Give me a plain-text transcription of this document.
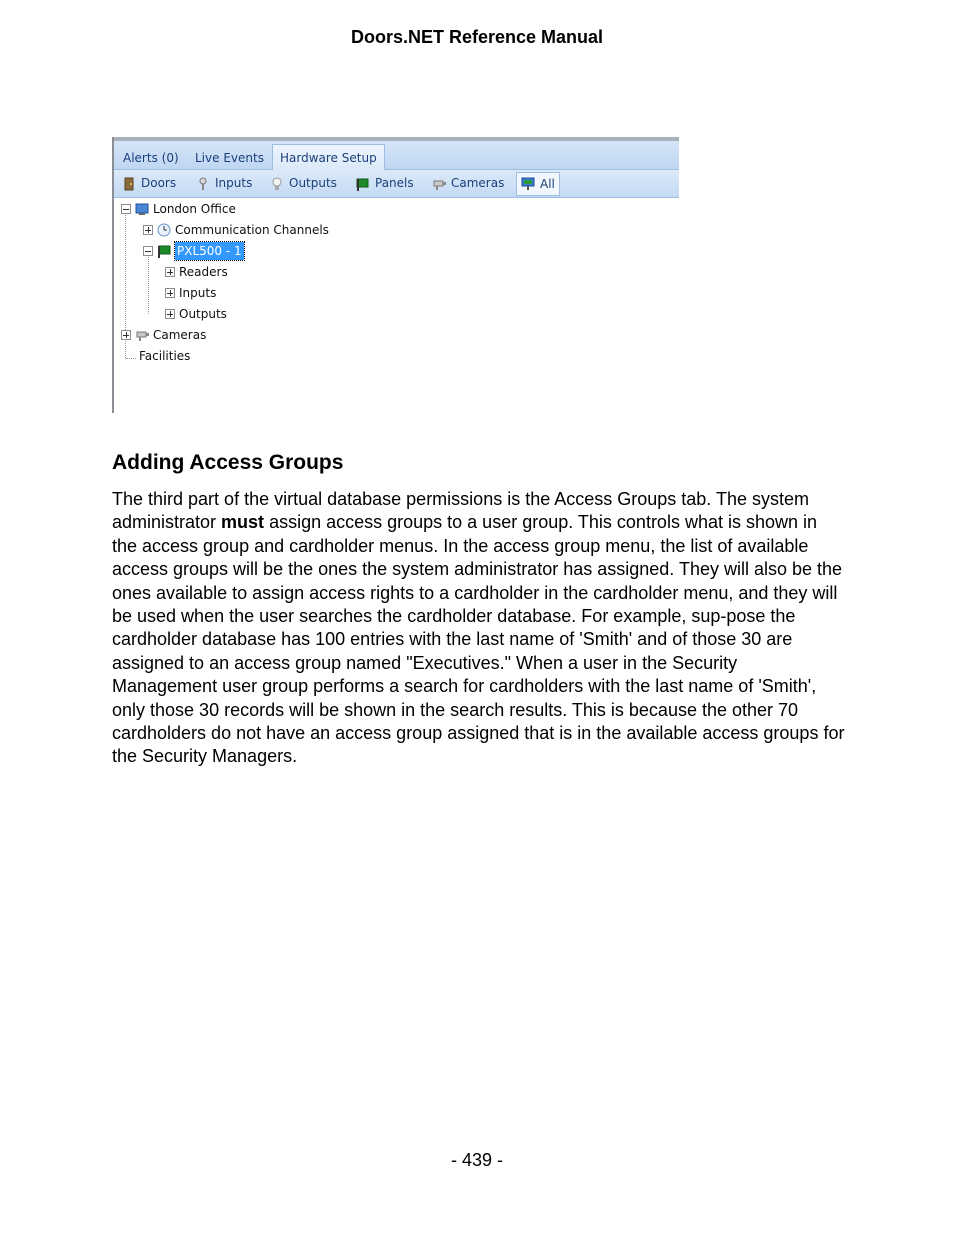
Doors.NET Reference Manual
Alerts (0)	Live Events	Hardware Setup
Doors	Inputs	Outputs	Panels	Cameras	All
London Office
Communication Channels
PXL500 - 1
Readers
Inputs
Outputs
Cameras
Facilities
Adding Access Groups
The third part of the virtual database permissions is the Access Groups tab. The system administrator must assign access groups to a user group. This controls what is shown in the access group and cardholder menus. In the access group menu, the list of available access groups will be the ones the system administrator has assigned. They will also be the ones available to assign access rights to a cardholder in the cardholder menu, and they will be used when the user searches the cardholder database. For example, sup-pose the cardholder database has 100 entries with the last name of 'Smith' and of those 30 are assigned to an access group named "Executives." When a user in the Security Management user group performs a search for cardholders with the last name of 'Smith', only those 30 records will be shown in the search results. This is because the other 70 cardholders do not have an access group assigned that is in the available access groups for the Security Managers.
- 439 -
